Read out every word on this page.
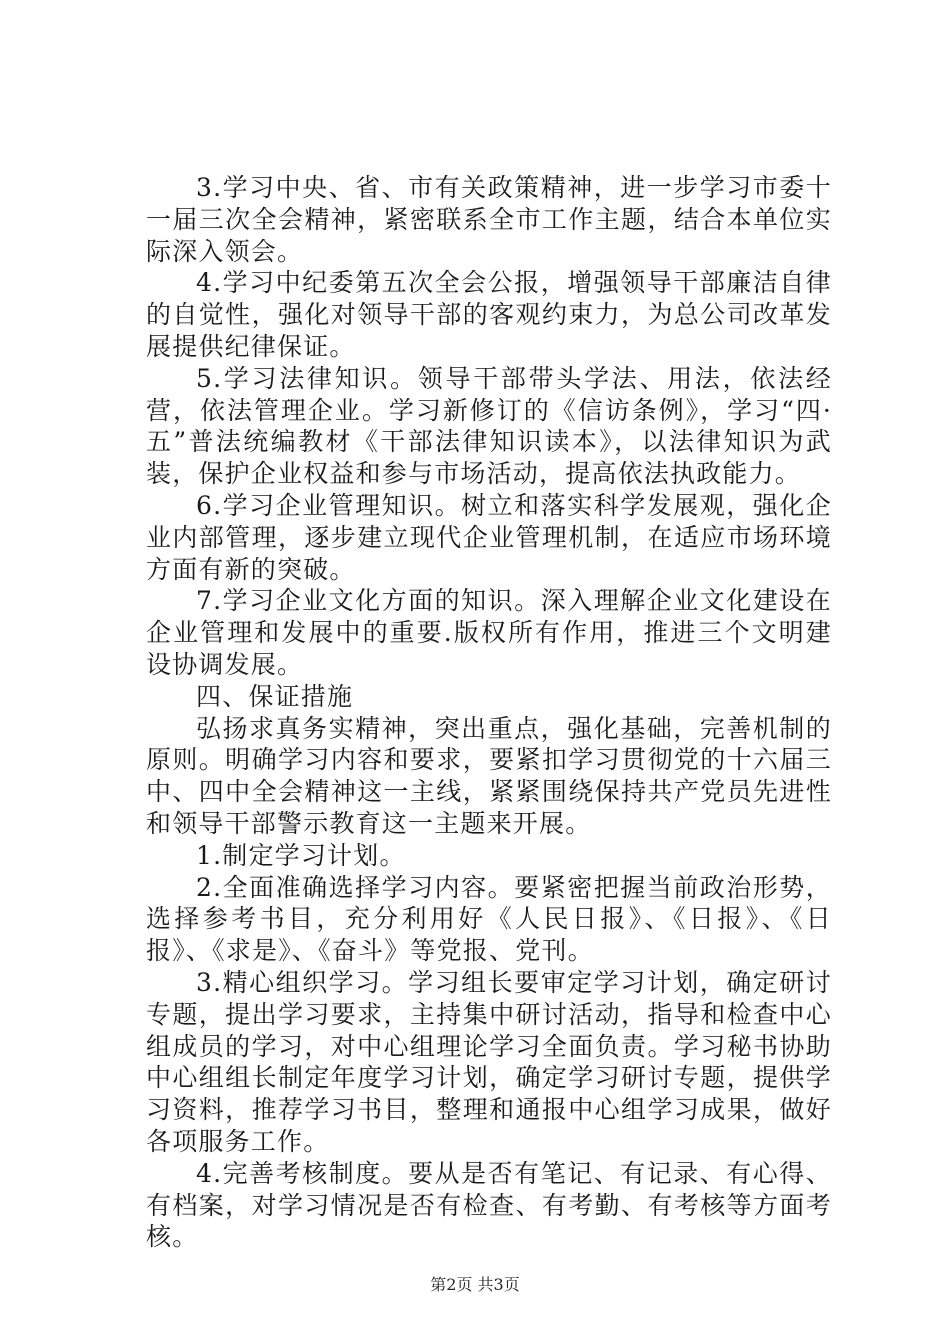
3.学习中央、省、市有关政策精神，进一步学习市委十一届三次全会精神，紧密联系全市工作主题，结合本单位实际深入领会。

4.学习中纪委第五次全会公报，增强领导干部廉洁自律的自觉性，强化对领导干部的客观约束力，为总公司改革发展提供纪律保证。

5.学习法律知识。领导干部带头学法、用法，依法经营，依法管理企业。学习新修订的《信访条例》，学习“四·五”普法统编教材《干部法律知识读本》，以法律知识为武装，保护企业权益和参与市场活动，提高依法执政能力。

6.学习企业管理知识。树立和落实科学发展观，强化企业内部管理，逐步建立现代企业管理机制，在适应市场环境方面有新的突破。

7.学习企业文化方面的知识。深入理解企业文化建设在企业管理和发展中的重要.版权所有作用，推进三个文明建设协调发展。

四、保证措施

弘扬求真务实精神，突出重点，强化基础，完善机制的原则。明确学习内容和要求，要紧扣学习贯彻党的十六届三中、四中全会精神这一主线，紧紧围绕保持共产党员先进性和领导干部警示教育这一主题来开展。

1.制定学习计划。

2.全面准确选择学习内容。要紧密把握当前政治形势，选择参考书目，充分利用好《人民日报》、《日报》、《日报》、《求是》、《奋斗》等党报、党刊。

3.精心组织学习。学习组长要审定学习计划，确定研讨专题，提出学习要求，主持集中研讨活动，指导和检查中心组成员的学习，对中心组理论学习全面负责。学习秘书协助中心组组长制定年度学习计划，确定学习研讨专题，提供学习资料，推荐学习书目，整理和通报中心组学习成果，做好各项服务工作。

4.完善考核制度。要从是否有笔记、有记录、有心得、有档案，对学习情况是否有检查、有考勤、有考核等方面考核。

第2页 共3页
